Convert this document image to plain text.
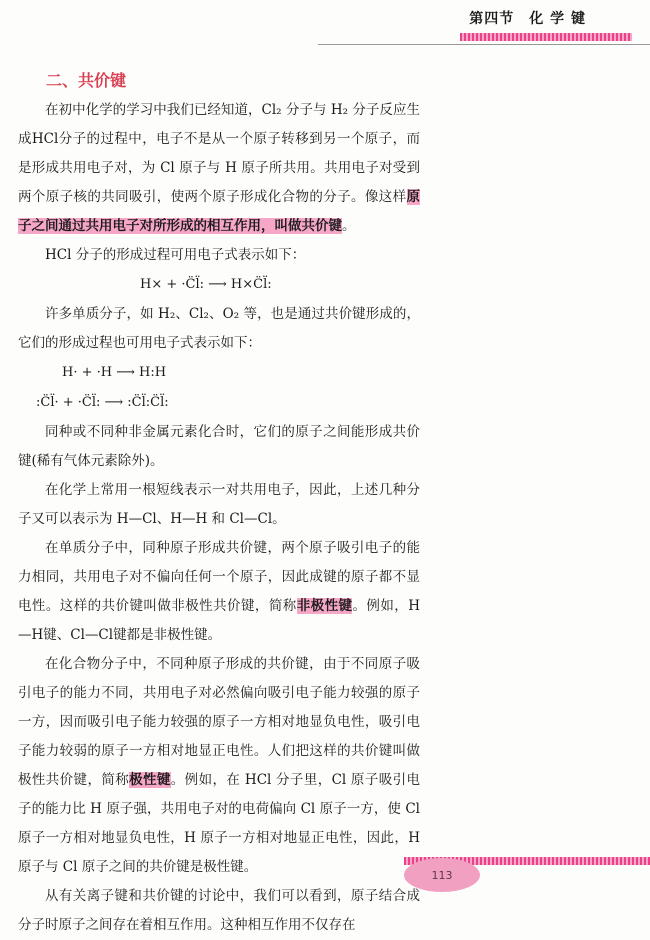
第四节　化 学 键
二、共价键

在初中化学的学习中我们已经知道，Cl₂ 分子与 H₂ 分子反应生成HCl分子的过程中，电子不是从一个原子转移到另一个原子，而是形成共用电子对，为 Cl 原子与 H 原子所共用。共用电子对受到两个原子核的共同吸引，使两个原子形成化合物的分子。像这样原子之间通过共用电子对所形成的相互作用，叫做共价键。

HCl 分子的形成过程可用电子式表示如下：

H× + ·C̈l̈: ⟶ H×C̈l̈:

许多单质分子，如 H₂、Cl₂、O₂ 等，也是通过共价键形成的，它们的形成过程也可用电子式表示如下：

H· + ·H ⟶ H:H

:C̈l̈· + ·C̈l̈: ⟶ :C̈l̈:C̈l̈:

同种或不同种非金属元素化合时，它们的原子之间能形成共价键(稀有气体元素除外)。

在化学上常用一根短线表示一对共用电子，因此，上述几种分子又可以表示为 H—Cl、H—H 和 Cl—Cl。

在单质分子中，同种原子形成共价键，两个原子吸引电子的能力相同，共用电子对不偏向任何一个原子，因此成键的原子都不显电性。这样的共价键叫做非极性共价键，简称非极性键。例如，H—H键、Cl—Cl键都是非极性键。

在化合物分子中，不同种原子形成的共价键，由于不同原子吸引电子的能力不同，共用电子对必然偏向吸引电子能力较强的原子一方，因而吸引电子能力较强的原子一方相对地显负电性，吸引电子能力较弱的原子一方相对地显正电性。人们把这样的共价键叫做极性共价键，简称极性键。例如，在 HCl 分子里，Cl 原子吸引电子的能力比 H 原子强，共用电子对的电荷偏向 Cl 原子一方，使 Cl 原子一方相对地显负电性，H 原子一方相对地显正电性，因此，H 原子与 Cl 原子之间的共价键是极性键。

从有关离子键和共价键的讨论中，我们可以看到，原子结合成分子时原子之间存在着相互作用。这种相互作用不仅存在

113
